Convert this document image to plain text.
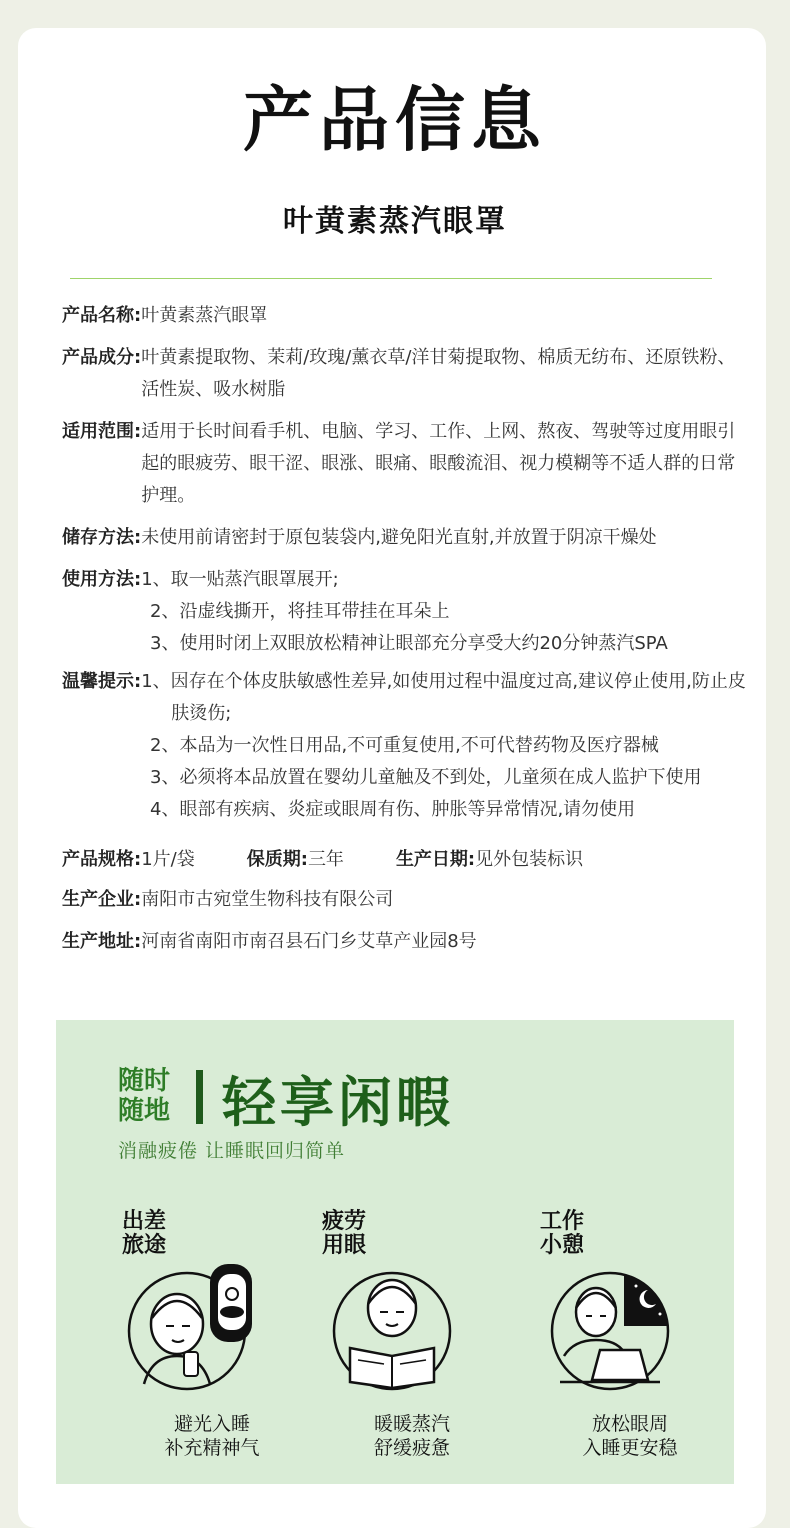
产品信息
叶黄素蒸汽眼罩
产品名称: 叶黄素蒸汽眼罩
产品成分: 叶黄素提取物、茉莉/玫瑰/薰衣草/洋甘菊提取物、棉质无纺布、还原铁粉、活性炭、吸水树脂
适用范围: 适用于长时间看手机、电脑、学习、工作、上网、熬夜、驾驶等过度用眼引起的眼疲劳、眼干涩、眼涨、眼痛、眼酸流泪、视力模糊等不适人群的日常护理。
储存方法: 未使用前请密封于原包装袋内,避免阳光直射,并放置于阴凉干燥处
使用方法: 1、取一贴蒸汽眼罩展开;
2、沿虚线撕开，将挂耳带挂在耳朵上
3、使用时闭上双眼放松精神让眼部充分享受大约20分钟蒸汽SPA
温馨提示: 1、因存在个体皮肤敏感性差异,如使用过程中温度过高,建议停止使用,防止皮肤烫伤;
2、本品为一次性日用品,不可重复使用,不可代替药物及医疗器械
3、必须将本品放置在婴幼儿童触及不到处，儿童须在成人监护下使用
4、眼部有疾病、炎症或眼周有伤、肿胀等异常情况,请勿使用
产品规格:1片/袋	保质期:三年	生产日期:见外包装标识
生产企业: 南阳市古宛堂生物科技有限公司
生产地址: 河南省南阳市南召县石门乡艾草产业园8号
随时
随地 轻享闲暇
消融疲倦 让睡眠回归简单
出差
旅途
避光入睡
补充精神气
疲劳
用眼
暖暖蒸汽
舒缓疲惫
工作
小憩
放松眼周
入睡更安稳
